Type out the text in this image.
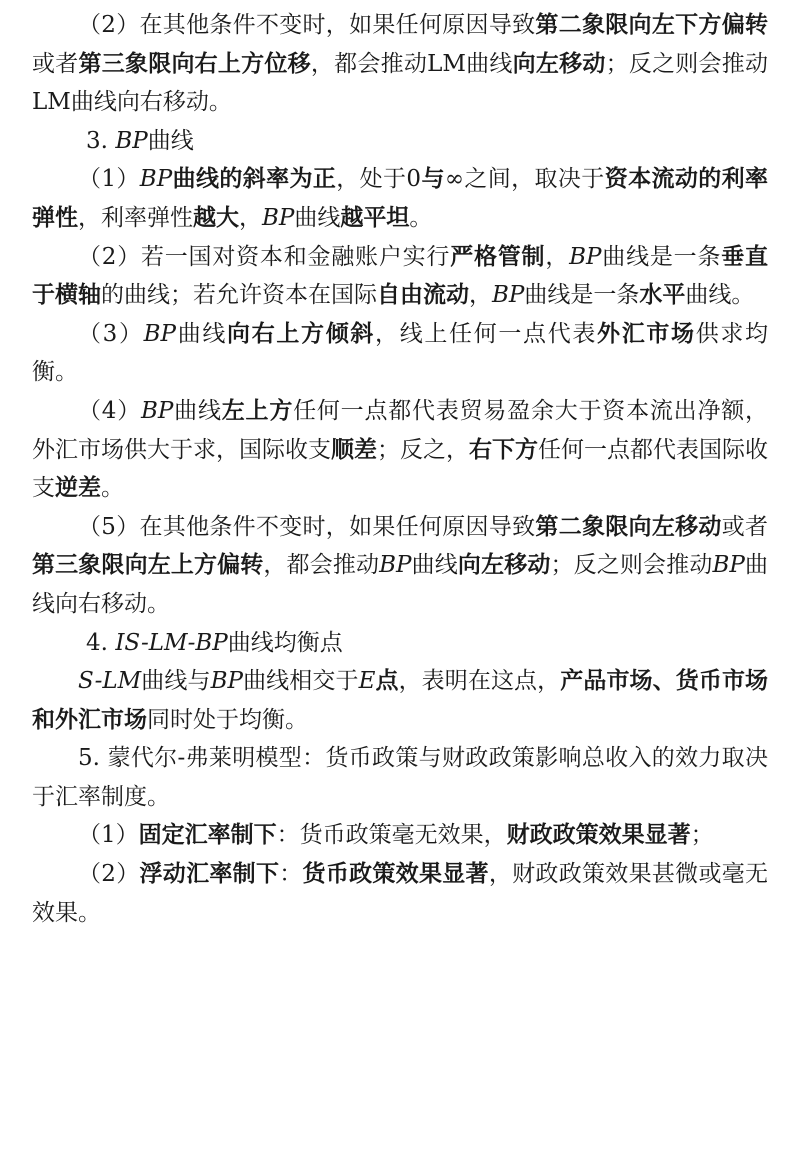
（2）在其他条件不变时，如果任何原因导致第二象限向左下方偏转或者第三象限向右上方位移，都会推动LM曲线向左移动；反之则会推动LM曲线向右移动。

3. BP曲线

（1）BP曲线的斜率为正，处于0与∞之间，取决于资本流动的利率弹性，利率弹性越大，BP曲线越平坦。

（2）若一国对资本和金融账户实行严格管制，BP曲线是一条垂直于横轴的曲线；若允许资本在国际自由流动，BP曲线是一条水平曲线。

（3）BP曲线向右上方倾斜，线上任何一点代表外汇市场供求均衡。

（4）BP曲线左上方任何一点都代表贸易盈余大于资本流出净额，外汇市场供大于求，国际收支顺差；反之，右下方任何一点都代表国际收支逆差。

（5）在其他条件不变时，如果任何原因导致第二象限向左移动或者第三象限向左上方偏转，都会推动BP曲线向左移动；反之则会推动BP曲线向右移动。

4. IS-LM-BP曲线均衡点

S-LM曲线与BP曲线相交于E点，表明在这点，产品市场、货币市场和外汇市场同时处于均衡。

5. 蒙代尔-弗莱明模型：货币政策与财政政策影响总收入的效力取决于汇率制度。

（1）固定汇率制下：货币政策毫无效果，财政政策效果显著；

（2）浮动汇率制下：货币政策效果显著，财政政策效果甚微或毫无效果。
